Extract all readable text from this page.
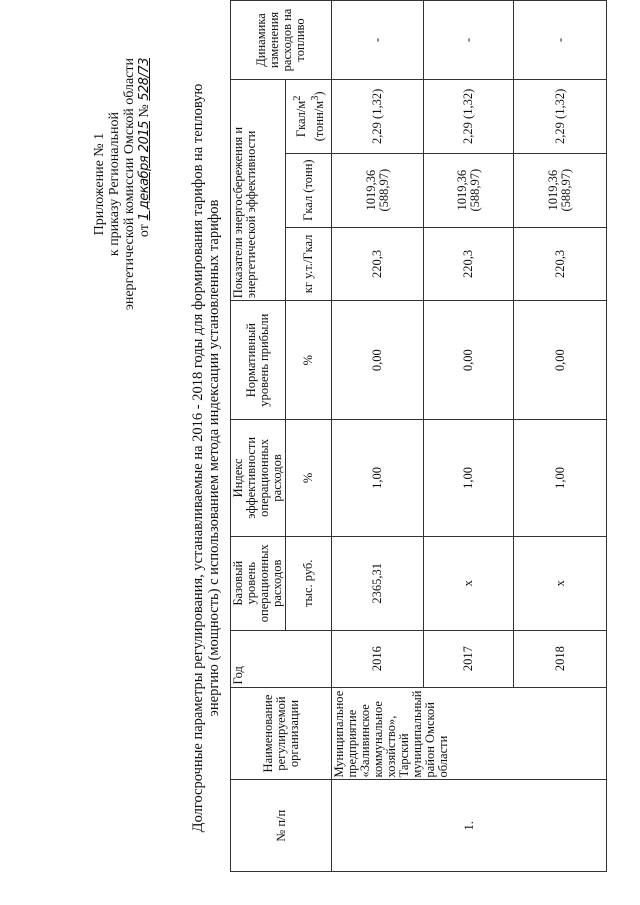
Приложение № 1 к приказу Региональной энергетической комиссии Омской области от 1 декабря 2015 № 528/73
Долгосрочные параметры регулирования, устанавливаемые на 2016 - 2018 годы для формирования тарифов на тепловую энергию (мощность) с использованием метода индексации установленных тарифов
№ п/п	Наименование регулируемой организации	Год	Базовый уровень операционных расходов	Индекс эффективности операционных расходов	Нормативный уровень прибыли	Показатели энергосбережения и энергетической эффективности			Динамика изменения расходов на топливо
			тыс. руб.	%	%	кг у.т./Гкал	Гкал (тонн)	Гкал/$м^2$
$(тонн/м^3)$	
1.	Муниципальное предприятие «Заливинское коммунальное хозяйство», Тарский муниципальный район Омской области	2016	2365,31	1,00	0,00	220,3	1019,36 (588,97)	2,29 (1,32)	-
		2017	х	1,00	0,00	220,3	1019,36 (588,97)	2,29 (1,32)	-
		2018	х	1,00	0,00	220,3	1019,36 (588,97)	2,29 (1,32)	-
